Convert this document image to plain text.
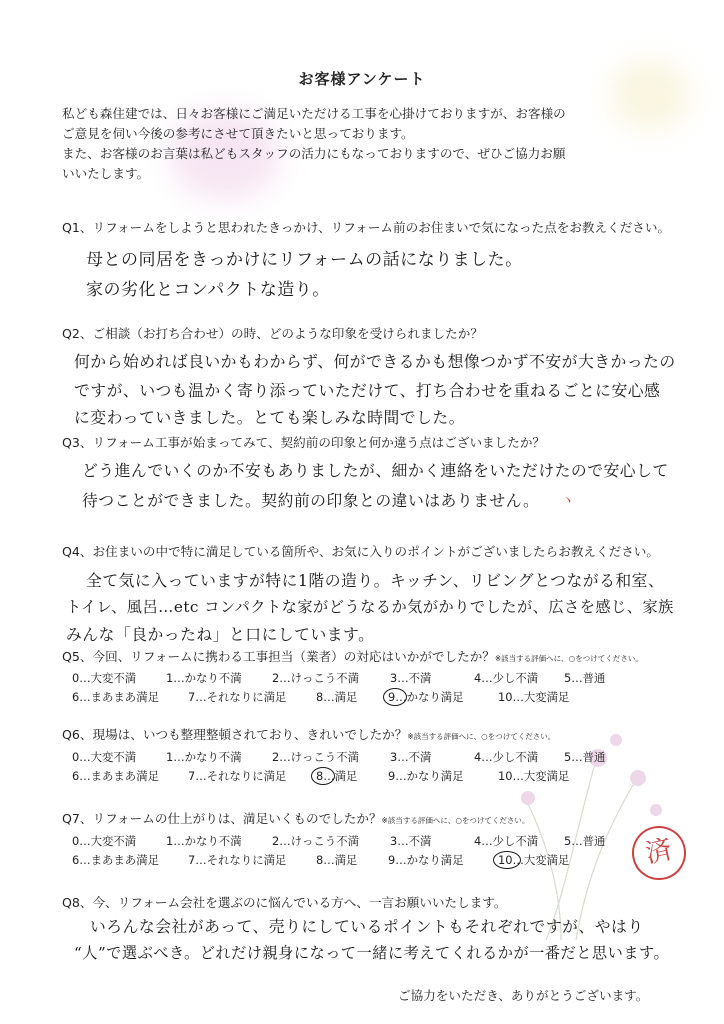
お客様アンケート

私ども森住建では、日々お客様にご満足いただける工事を心掛けておりますが、お客様の

ご意見を伺い今後の参考にさせて頂きたいと思っております。

また、お客様のお言葉は私どもスタッフの活力にもなっておりますので、ぜひご協力お願

いいたします。

Q1、リフォームをしようと思われたきっかけ、リフォーム前のお住まいで気になった点をお教えください。
母との同居をきっかけにリフォームの話になりました。
家の劣化とコンパクトな造り。
Q2、ご相談（お打ち合わせ）の時、どのような印象を受けられましたか？
何から始めれば良いかもわからず、何ができるかも想像つかず不安が大きかったの
ですが、いつも温かく寄り添っていただけて、打ち合わせを重ねるごとに安心感
に変わっていきました。とても楽しみな時間でした。
Q3、リフォーム工事が始まってみて、契約前の印象と何か違う点はございましたか？
どう進んでいくのか不安もありましたが、細かく連絡をいただけたので安心して
待つことができました。契約前の印象との違いはありません。 ヽ
Q4、お住まいの中で特に満足している箇所や、お気に入りのポイントがございましたらお教えください。
全て気に入っていますが特に1階の造り。キッチン、リビングとつながる和室、
トイレ、風呂…etc コンパクトな家がどうなるか気がかりでしたが、広さを感じ、家族
みんな「良かったね」と口にしています。
Q5、今回、リフォームに携わる工事担当（業者）の対応はいかがでしたか？※該当する評価へに、○をつけてください。
0…大変不満	1…かなり不満	2…けっこう不満	3…不満	4…少し不満 5…普通
6…まあまあ満足	7…それなりに満足	8…満足	9…かなり満足	10…大変満足
Q6、現場は、いつも整理整頓されており、きれいでしたか？※該当する評価へに、○をつけてください。
0…大変不満	1…かなり不満	2…けっこう不満	3…不満	4…少し不満 5…普通
6…まあまあ満足	7…それなりに満足	8…満足	9…かなり満足	10…大変満足
Q7、リフォームの仕上がりは、満足いくものでしたか？※該当する評価へに、○をつけてください。
0…大変不満	1…かなり不満	2…けっこう不満	3…不満	4…少し不満 5…普通
6…まあまあ満足	7…それなりに満足	8…満足	9…かなり満足	10…大変満足	済
Q8、今、リフォーム会社を選ぶのに悩んでいる方へ、一言お願いいたします。
いろんな会社があって、売りにしているポイントもそれぞれですが、やはり
“人”で選ぶべき。どれだけ親身になって一緒に考えてくれるかが一番だと思います。
ご協力をいただき、ありがとうございます。
